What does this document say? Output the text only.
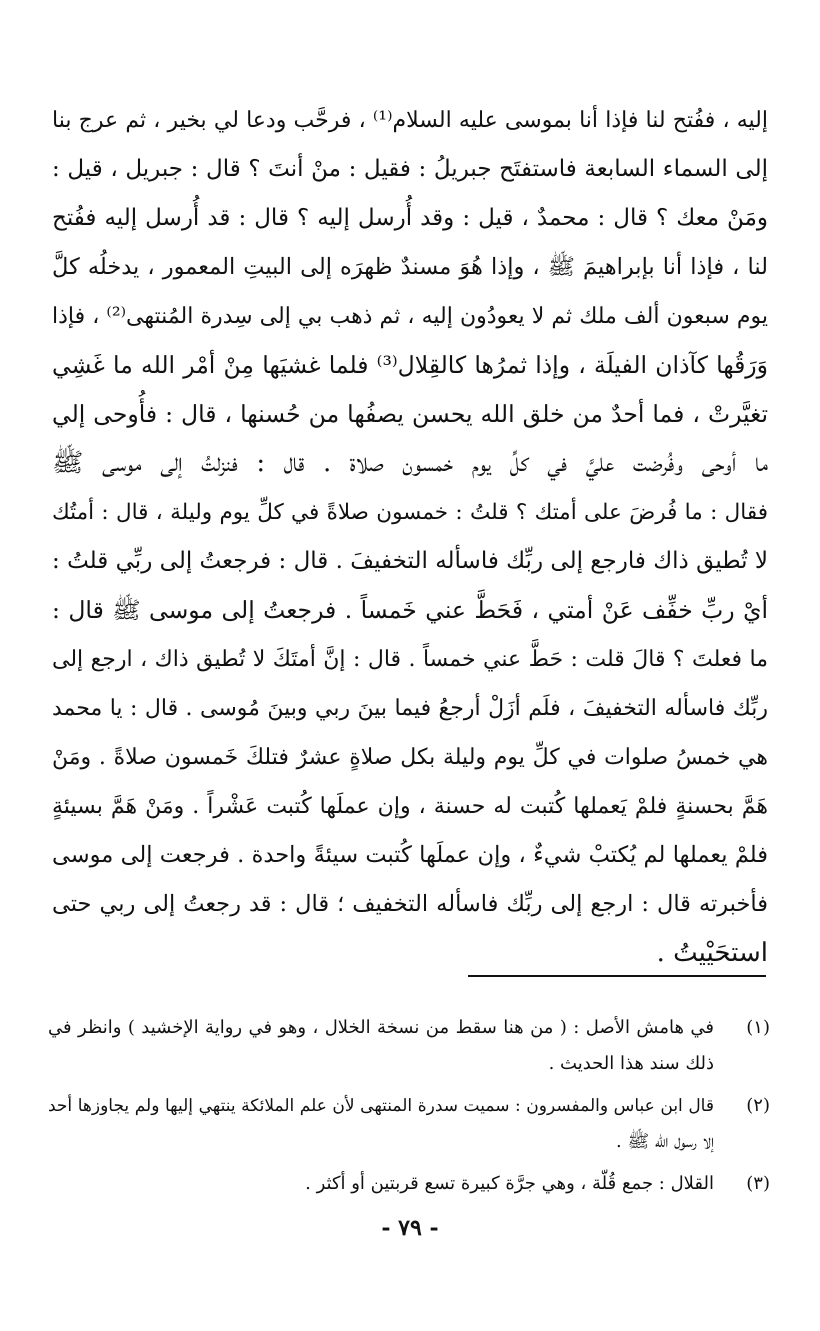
إليه ، ففُتح لنا فإذا أنا بموسى عليه السلام⁽¹⁾ ، فرحَّب ودعا لي بخير ، ثم عرج بنا
إلى السماء السابعة فاستفتَح جبريلُ : فقيل : منْ أنتَ ؟ قال : جبريل ، قيل :
ومَنْ معك ؟ قال : محمدٌ ، قيل : وقد أُرسل إليه ؟ قال : قد أُرسل إليه ففُتح
لنا ، فإذا أنا بإبراهيمَ ﷺ ، وإذا هُوَ مسندٌ ظهرَه إلى البيتِ المعمور ، يدخلُه كلَّ
يوم سبعون ألف ملك ثم لا يعودُون إليه ، ثم ذهب بي إلى سِدرة المُنتهى⁽²⁾ ، فإذا
وَرَقُها كآذان الفيلَة ، وإذا ثمرُها كالقِلال⁽³⁾ فلما غشيَها مِنْ أمْر الله ما غَشِي
تغيَّرتْ ، فما أحدٌ من خلق الله يحسن يصفُها من حُسنها ، قال : فأُوحى إلي
ما أوحى وفُرضت عليَّ في كلِّ يوم خمسون صلاة . قال : فنزلتُ إلى موسى ﷺ
فقال : ما فُرضَ على أمتك ؟ قلتُ : خمسون صلاةً في كلِّ يوم وليلة ، قال : أمتُك
لا تُطيق ذاك فارجع إلى ربِّك فاسأله التخفيفَ . قال : فرجعتُ إلى ربِّي قلتُ :
أيْ ربِّ خفِّف عَنْ أمتي ، فَحَطَّ عني خَمساً . فرجعتُ إلى موسى ﷺ قال :
ما فعلتَ ؟ قالَ قلت : حَطَّ عني خمساً . قال : إنَّ أمتَكَ لا تُطيق ذاك ، ارجع إلى
ربِّك فاسأله التخفيفَ ، فلَم أزَلْ أرجعُ فيما بينَ ربي وبينَ مُوسى . قال : يا محمد
هي خمسُ صلوات في كلِّ يوم وليلة بكل صلاةٍ عشرٌ فتلكَ خَمسون صلاةً . ومَنْ
هَمَّ بحسنةٍ فلمْ يَعملها كُتبت له حسنة ، وإن عملَها كُتبت عَشْراً . ومَنْ هَمَّ بسيئةٍ
فلمْ يعملها لم يُكتبْ شيءٌ ، وإن عملَها كُتبت سيئةً واحدة . فرجعت إلى موسى
فأخبرته قال : ارجع إلى ربِّك فاسأله التخفيف ؛ قال : قد رجعتُ إلى ربي حتى
استحَيْيتُ .
(١)
في هامش الأصل : ( من هنا سقط من نسخة الخلال ، وهو في رواية الإخشيد ) وانظر في
ذلك سند هذا الحديث .
(٢)
قال ابن عباس والمفسرون : سميت سدرة المنتهى لأن علم الملائكة ينتهي إليها ولم يجاوزها أحد
إلا رسول الله ﷺ .
(٣)
القلال : جمع قُلّة ، وهي جرَّة كبيرة تسع قربتين أو أكثر .
- ٧٩ -
